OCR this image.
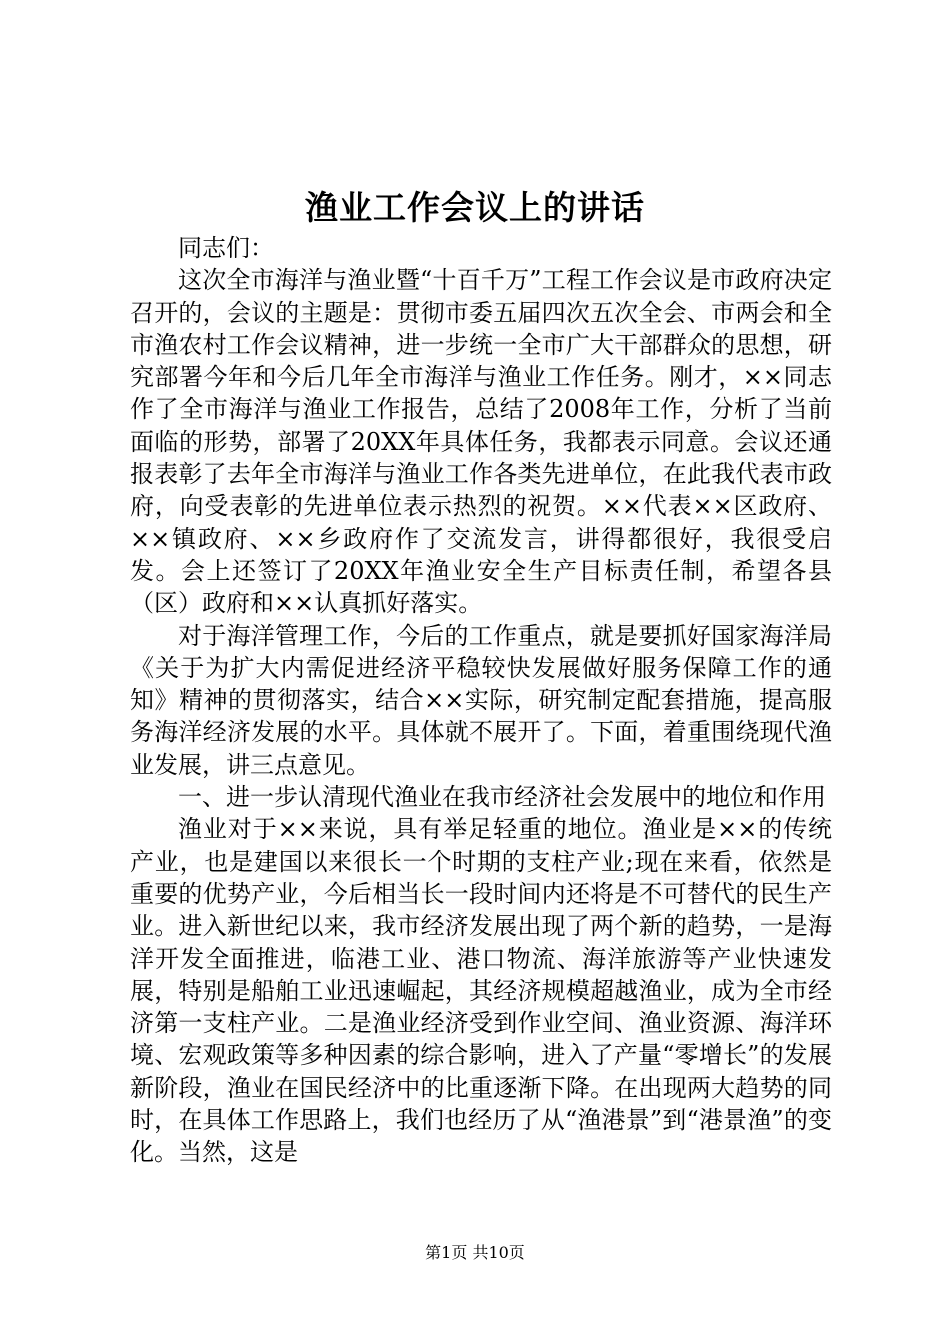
渔业工作会议上的讲话

同志们：

这次全市海洋与渔业暨“十百千万”工程工作会议是市政府决定召开的，会议的主题是：贯彻市委五届四次五次全会、市两会和全市渔农村工作会议精神，进一步统一全市广大干部群众的思想，研究部署今年和今后几年全市海洋与渔业工作任务。刚才，××同志作了全市海洋与渔业工作报告，总结了2008年工作，分析了当前面临的形势，部署了20XX年具体任务，我都表示同意。会议还通报表彰了去年全市海洋与渔业工作各类先进单位，在此我代表市政府，向受表彰的先进单位表示热烈的祝贺。××代表××区政府、××镇政府、××乡政府作了交流发言，讲得都很好，我很受启发。会上还签订了20XX年渔业安全生产目标责任制，希望各县（区）政府和××认真抓好落实。

对于海洋管理工作，今后的工作重点，就是要抓好国家海洋局《关于为扩大内需促进经济平稳较快发展做好服务保障工作的通知》精神的贯彻落实，结合××实际，研究制定配套措施，提高服务海洋经济发展的水平。具体就不展开了。下面，着重围绕现代渔业发展，讲三点意见。

一、进一步认清现代渔业在我市经济社会发展中的地位和作用

渔业对于××来说，具有举足轻重的地位。渔业是××的传统产业，也是建国以来很长一个时期的支柱产业;现在来看，依然是重要的优势产业，今后相当长一段时间内还将是不可替代的民生产业。进入新世纪以来，我市经济发展出现了两个新的趋势，一是海洋开发全面推进，临港工业、港口物流、海洋旅游等产业快速发展，特别是船舶工业迅速崛起，其经济规模超越渔业，成为全市经济第一支柱产业。二是渔业经济受到作业空间、渔业资源、海洋环境、宏观政策等多种因素的综合影响，进入了产量“零增长”的发展新阶段，渔业在国民经济中的比重逐渐下降。在出现两大趋势的同时，在具体工作思路上，我们也经历了从“渔港景”到“港景渔”的变化。当然，这是

第1页 共10页
